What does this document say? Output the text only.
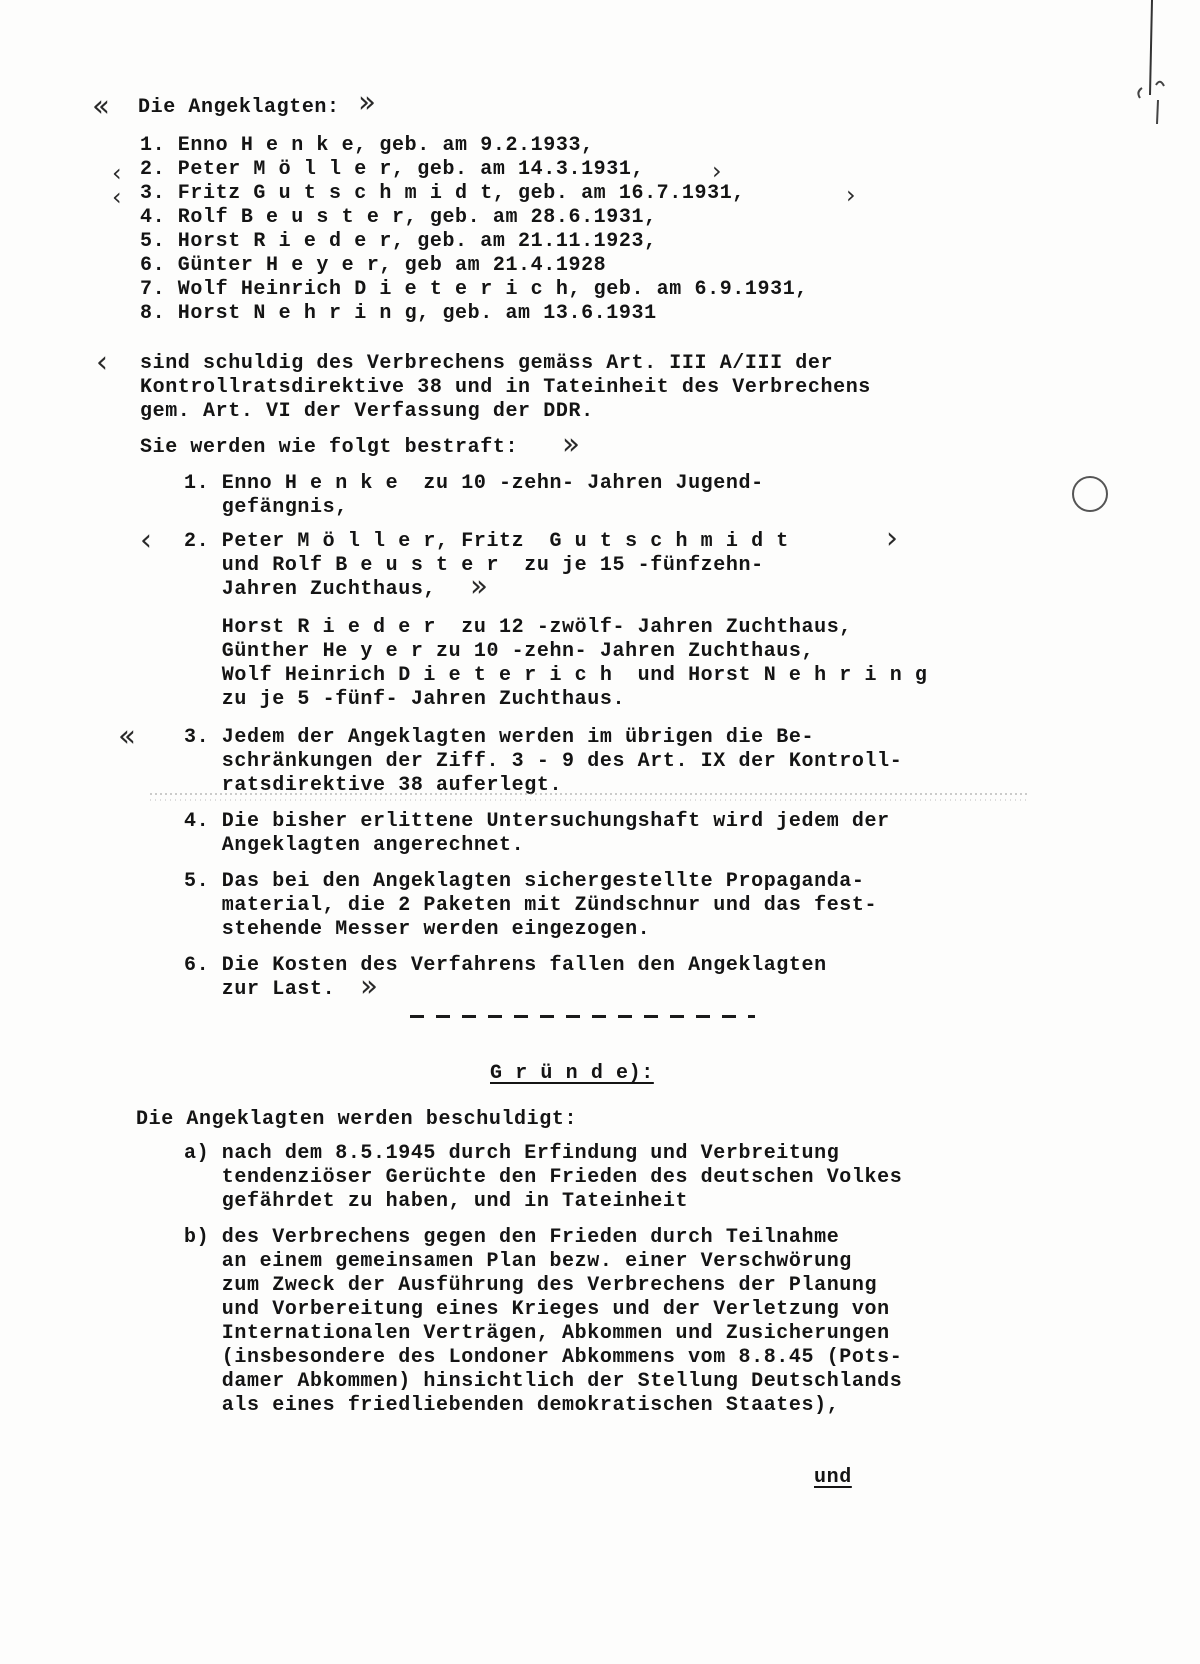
‹‹ Die Angeklagten: ››
1. Enno H e n k e, geb. am 9.2.1933,
‹ 2. Peter M ö l l e r, geb. am 14.3.1931,	›
‹ 3. Fritz G u t s c h m i d t, geb. am 16.7.1931,	›
4. Rolf B e u s t e r, geb. am 28.6.1931,
5. Horst R i e d e r, geb. am 21.11.1923,
6. Günter H e y e r, geb am 21.4.1928
7. Wolf Heinrich D i e t e r i c h, geb. am 6.9.1931,
8. Horst N e h r i n g, geb. am 13.6.1931
‹ sind schuldig des Verbrechens gemäss Art. III A/III der
Kontrollratsdirektive 38 und in Tateinheit des Verbrechens
gem. Art. VI der Verfassung der DDR.
Sie werden wie folgt bestraft: ››
1. Enno H e n k e  zu 10 -zehn- Jahren Jugend-
gefängnis,
‹ 2. Peter M ö l l e r, Fritz  G u t s c h m i d t	›
und Rolf B e u s t e r  zu je 15 -fünfzehn-
Jahren Zuchthaus, ››
Horst R i e d e r  zu 12 -zwölf- Jahren Zuchthaus,
Günther He y e r zu 10 -zehn- Jahren Zuchthaus,
Wolf Heinrich D i e t e r i c h  und Horst N e h r i n g
zu je 5 -fünf- Jahren Zuchthaus.
‹‹	3. Jedem der Angeklagten werden im übrigen die Be-
schränkungen der Ziff. 3 - 9 des Art. IX der Kontroll-
ratsdirektive 38 auferlegt.
4. Die bisher erlittene Untersuchungshaft wird jedem der
Angeklagten angerechnet.
5. Das bei den Angeklagten sichergestellte Propaganda-
material, die 2 Paketen mit Zündschnur und das fest-
stehende Messer werden eingezogen.
6. Die Kosten des Verfahrens fallen den Angeklagten
zur Last. ››
G r ü n d e):
Die Angeklagten werden beschuldigt:
a) nach dem 8.5.1945 durch Erfindung und Verbreitung
tendenziöser Gerüchte den Frieden des deutschen Volkes
gefährdet zu haben, und in Tateinheit
b) des Verbrechens gegen den Frieden durch Teilnahme
an einem gemeinsamen Plan bezw. einer Verschwörung
zum Zweck der Ausführung des Verbrechens der Planung
und Vorbereitung eines Krieges und der Verletzung von
Internationalen Verträgen, Abkommen und Zusicherungen
(insbesondere des Londoner Abkommens vom 8.8.45 (Pots-
damer Abkommen) hinsichtlich der Stellung Deutschlands
als eines friedliebenden demokratischen Staates),
und
